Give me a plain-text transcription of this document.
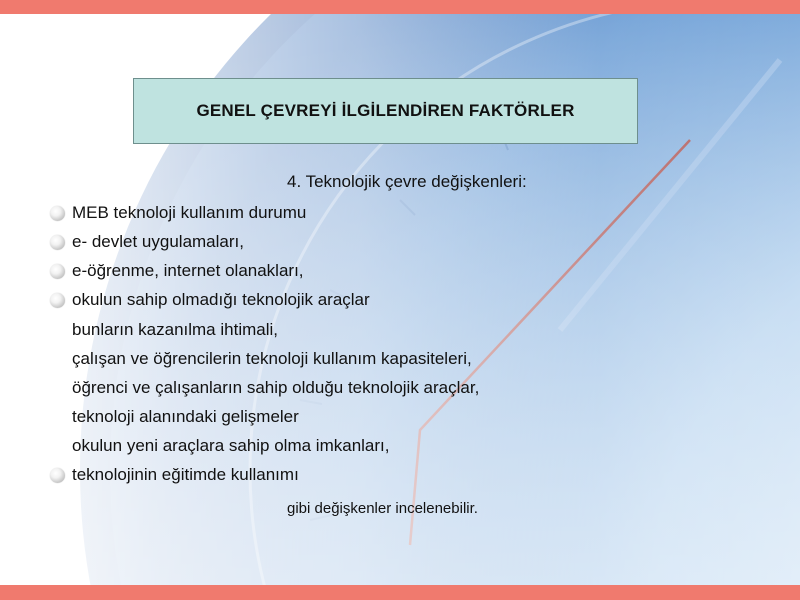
GENEL ÇEVREYİ İLGİLENDİREN FAKTÖRLER
4. Teknolojik çevre değişkenleri:
MEB teknoloji kullanım durumu
e- devlet uygulamaları,
e-öğrenme, internet olanakları,
okulun sahip olmadığı teknolojik araçlar
bunların kazanılma ihtimali,
çalışan ve öğrencilerin teknoloji kullanım kapasiteleri,
öğrenci ve çalışanların sahip olduğu teknolojik araçlar,
teknoloji alanındaki gelişmeler
okulun yeni araçlara sahip olma imkanları,
teknolojinin eğitimde kullanımı
gibi değişkenler incelenebilir.
